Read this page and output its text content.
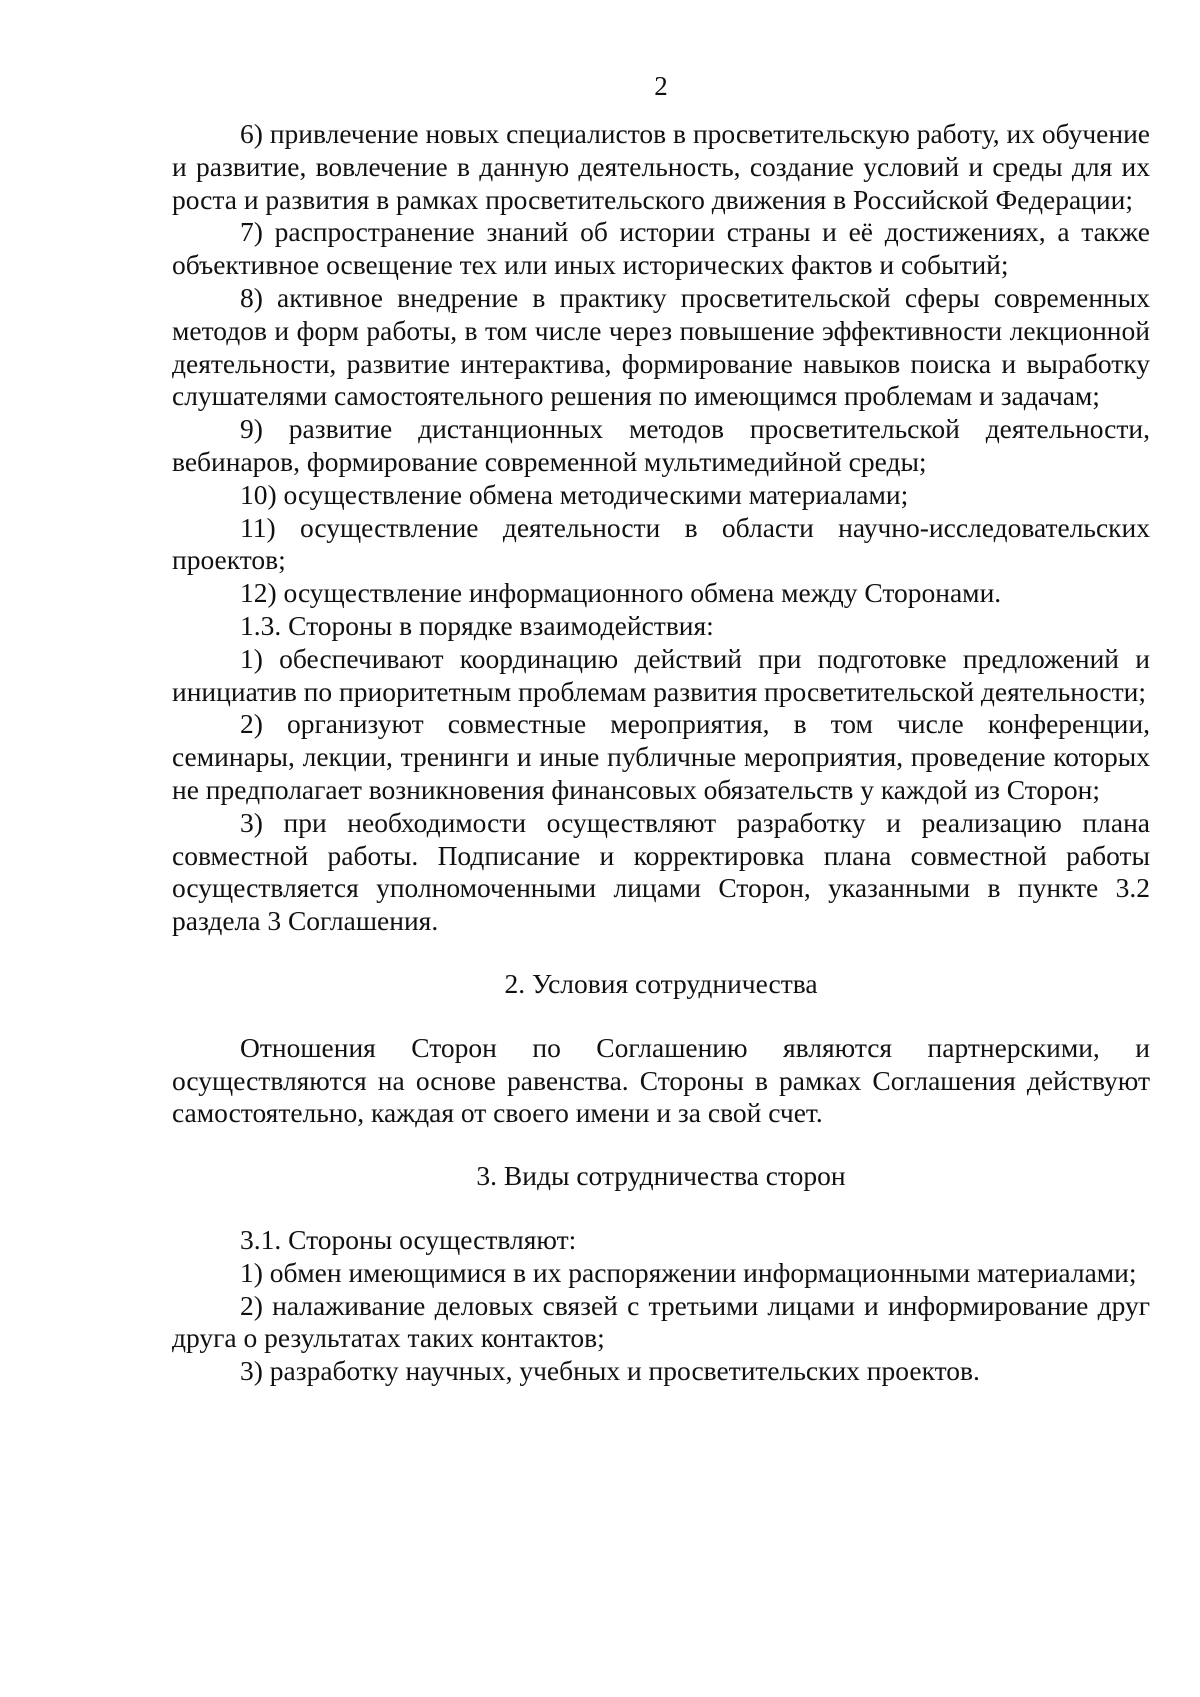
2

6) привлечение новых специалистов в просветительскую работу, их обучение и развитие, вовлечение в данную деятельность, создание условий и среды для их роста и развития в рамках просветительского движения в Российской Федерации;

7) распространение знаний об истории страны и её достижениях, а также объективное освещение тех или иных исторических фактов и событий;

8) активное внедрение в практику просветительской сферы современных методов и форм работы, в том числе через повышение эффективности лекционной деятельности, развитие интерактива, формирование навыков поиска и выработку слушателями самостоятельного решения по имеющимся проблемам и задачам;

9) развитие дистанционных методов просветительской деятельности, вебинаров, формирование современной мультимедийной среды;

10) осуществление обмена методическими материалами;

11) осуществление деятельности в области научно-исследовательских проектов;

12) осуществление информационного обмена между Сторонами.

1.3. Стороны в порядке взаимодействия:

1) обеспечивают координацию действий при подготовке предложений и инициатив по приоритетным проблемам развития просветительской деятельности;

2) организуют совместные мероприятия, в том числе конференции, семинары, лекции, тренинги и иные публичные мероприятия, проведение которых не предполагает возникновения финансовых обязательств у каждой из Сторон;

3) при необходимости осуществляют разработку и реализацию плана совместной работы. Подписание и корректировка плана совместной работы осуществляется уполномоченными лицами Сторон, указанными в пункте 3.2 раздела 3 Соглашения.

2. Условия сотрудничества

Отношения Сторон по Соглашению являются партнерскими, и осуществляются на основе равенства. Стороны в рамках Соглашения действуют самостоятельно, каждая от своего имени и за свой счет.

3. Виды сотрудничества сторон

3.1. Стороны осуществляют:

1) обмен имеющимися в их распоряжении информационными материалами;

2) налаживание деловых связей с третьими лицами и информирование друг друга о результатах таких контактов;

3) разработку научных, учебных и просветительских проектов.
